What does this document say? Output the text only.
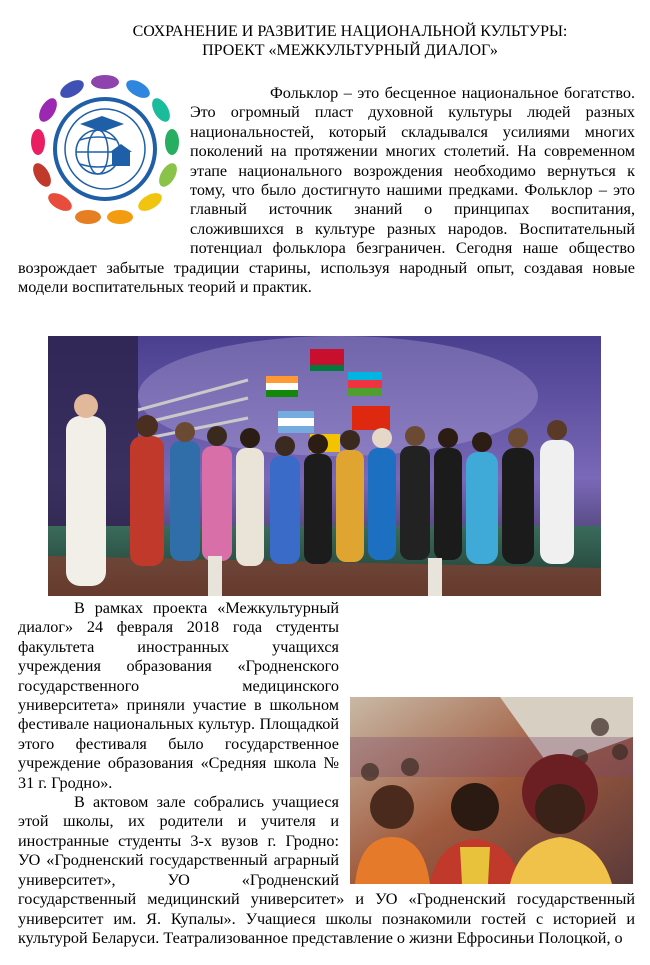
СОХРАНЕНИЕ И РАЗВИТИЕ НАЦИОНАЛЬНОЙ КУЛЬТУРЫ:
ПРОЕКТ «МЕЖКУЛЬТУРНЫЙ ДИАЛОГ»

Фольклор – это бесценное национальное богатство. Это огромный пласт духовной культуры людей разных национальностей, который складывался усилиями многих поколений на протяжении многих столетий. На современном этапе национального возрождения необходимо вернуться к тому, что было достигнуто нашими предками. Фольклор – это главный источник знаний о принципах воспитания, сложившихся в культуре разных народов. Воспитательный потенциал фольклора безграничен. Сегодня наше общество возрождает забытые традиции старины, используя народный опыт, создавая новые модели воспитательных теорий и практик.

В рамках проекта «Межкультурный диалог» 24 февраля 2018 года студенты факультета иностранных учащихся учреждения образования «Гродненского государственного медицинского университета» приняли участие в школьном фестивале национальных культур. Площадкой этого фестиваля было государственное учреждение образования «Средняя школа № 31 г. Гродно».

В актовом зале собрались учащиеся этой школы, их родители и учителя и иностранные студенты 3-х вузов г. Гродно: УО «Гродненский государственный аграрный университет», УО «Гродненский государственный медицинский университет» и УО «Гродненский государственный университет им. Я. Купалы». Учащиеся школы познакомили гостей с историей и культурой Беларуси. Театрализованное представление о жизни Ефросиньи Полоцкой, о
